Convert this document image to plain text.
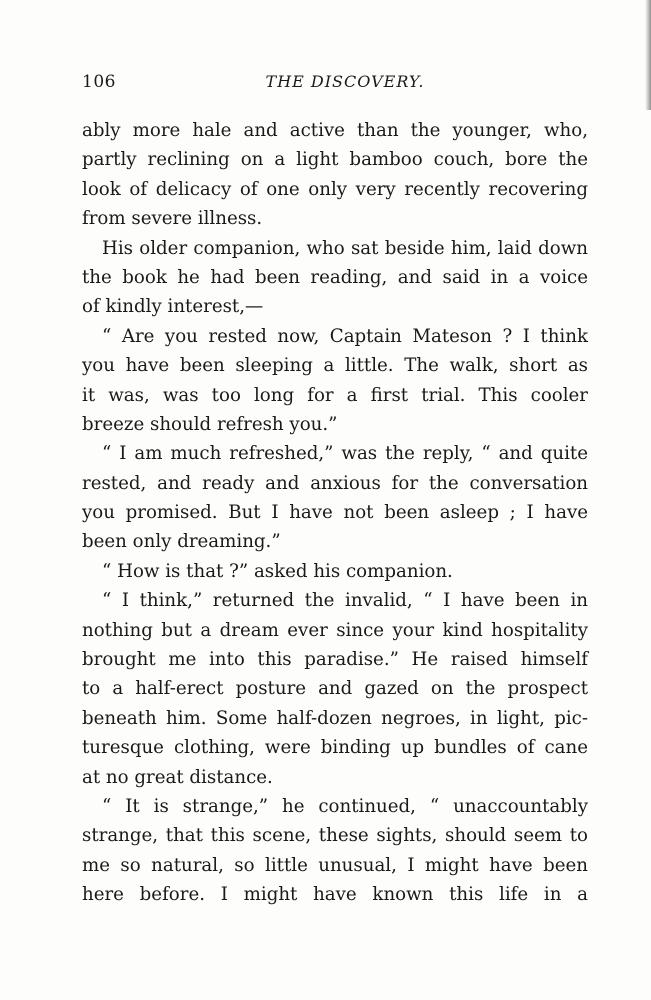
106	THE DISCOVERY.
ably more hale and active than the younger, who,
partly reclining on a light bamboo couch, bore the
look of delicacy of one only very recently recovering
from severe illness.
His older companion, who sat beside him, laid down
the book he had been reading, and said in a voice
of kindly interest,—
“ Are you rested now, Captain Mateson ? I think
you have been sleeping a little. The walk, short as
it was, was too long for a first trial. This cooler
breeze should refresh you.”
“ I am much refreshed,” was the reply, “ and quite
rested, and ready and anxious for the conversation
you promised. But I have not been asleep ; I have
been only dreaming.”
“ How is that ?” asked his companion.
“ I think,” returned the invalid, “ I have been in
nothing but a dream ever since your kind hospitality
brought me into this paradise.” He raised himself
to a half-erect posture and gazed on the prospect
beneath him. Some half-dozen negroes, in light, pic-
turesque clothing, were binding up bundles of cane
at no great distance.
“ It is strange,” he continued, “ unaccountably
strange, that this scene, these sights, should seem to
me so natural, so little unusual, I might have been
here before. I might have known this life in a
